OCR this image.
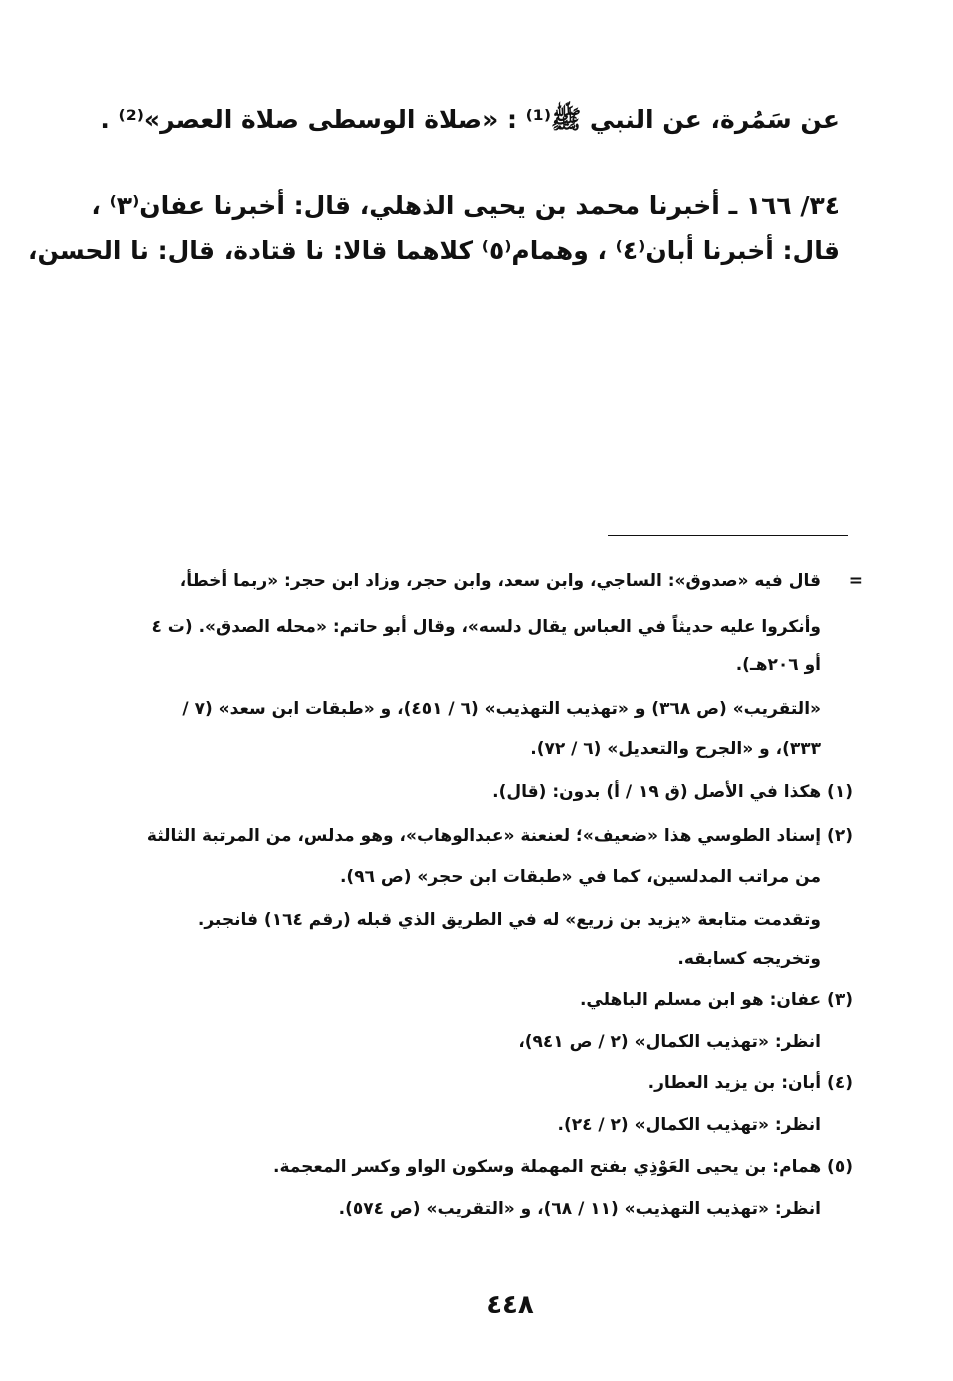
عن سَمُرة، عن النبي ﷺ⁽¹⁾ : «صلاة الوسطى صلاة العصر»⁽²⁾ .
٣٤/ ١٦٦ ـ أخبرنا محمد بن يحيى الذهلي، قال: أخبرنا عفان⁽٣⁾ ،
قال: أخبرنا أبان⁽٤⁾ ، وهمام⁽٥⁾ كلاهما قالا: نا قتادة، قال: نا الحسن،
=
قال فيه «صدوق»: الساجي، وابن سعد، وابن حجر، وزاد ابن حجر: «ربما أخطأ،
وأنكروا عليه حديثاً في العباس يقال دلسه»، وقال أبو حاتم: «محله الصدق». (ت ٤
أو ٢٠٦هـ).
«التقريب» (ص ٣٦٨) و «تهذيب التهذيب» (٦ / ٤٥١)، و «طبقات ابن سعد» (٧ /
٣٣٣)، و «الجرح والتعديل» (٦ / ٧٢).
(١) هكذا في الأصل (ق ١٩ / أ) بدون: (قال).
(٢) إسناد الطوسي هذا «ضعيف»؛ لعنعنة «عبدالوهاب»، وهو مدلس، من المرتبة الثالثة
من مراتب المدلسين، كما في «طبقات ابن حجر» (ص ٩٦).
وتقدمت متابعة «يزيد بن زريع» له في الطريق الذي قبله (رقم ١٦٤) فانجبر.
وتخريجه كسابقه.
(٣) عفان: هو ابن مسلم الباهلي.
انظر: «تهذيب الكمال» (٢ / ص ٩٤١)،
(٤) أبان: بن يزيد العطار.
انظر: «تهذيب الكمال» (٢ / ٢٤).
(٥) همام: بن يحيى العَوْذِي بفتح المهملة وسكون الواو وكسر المعجمة.
انظر: «تهذيب التهذيب» (١١ / ٦٨)، و «التقريب» (ص ٥٧٤).
٤٤٨
